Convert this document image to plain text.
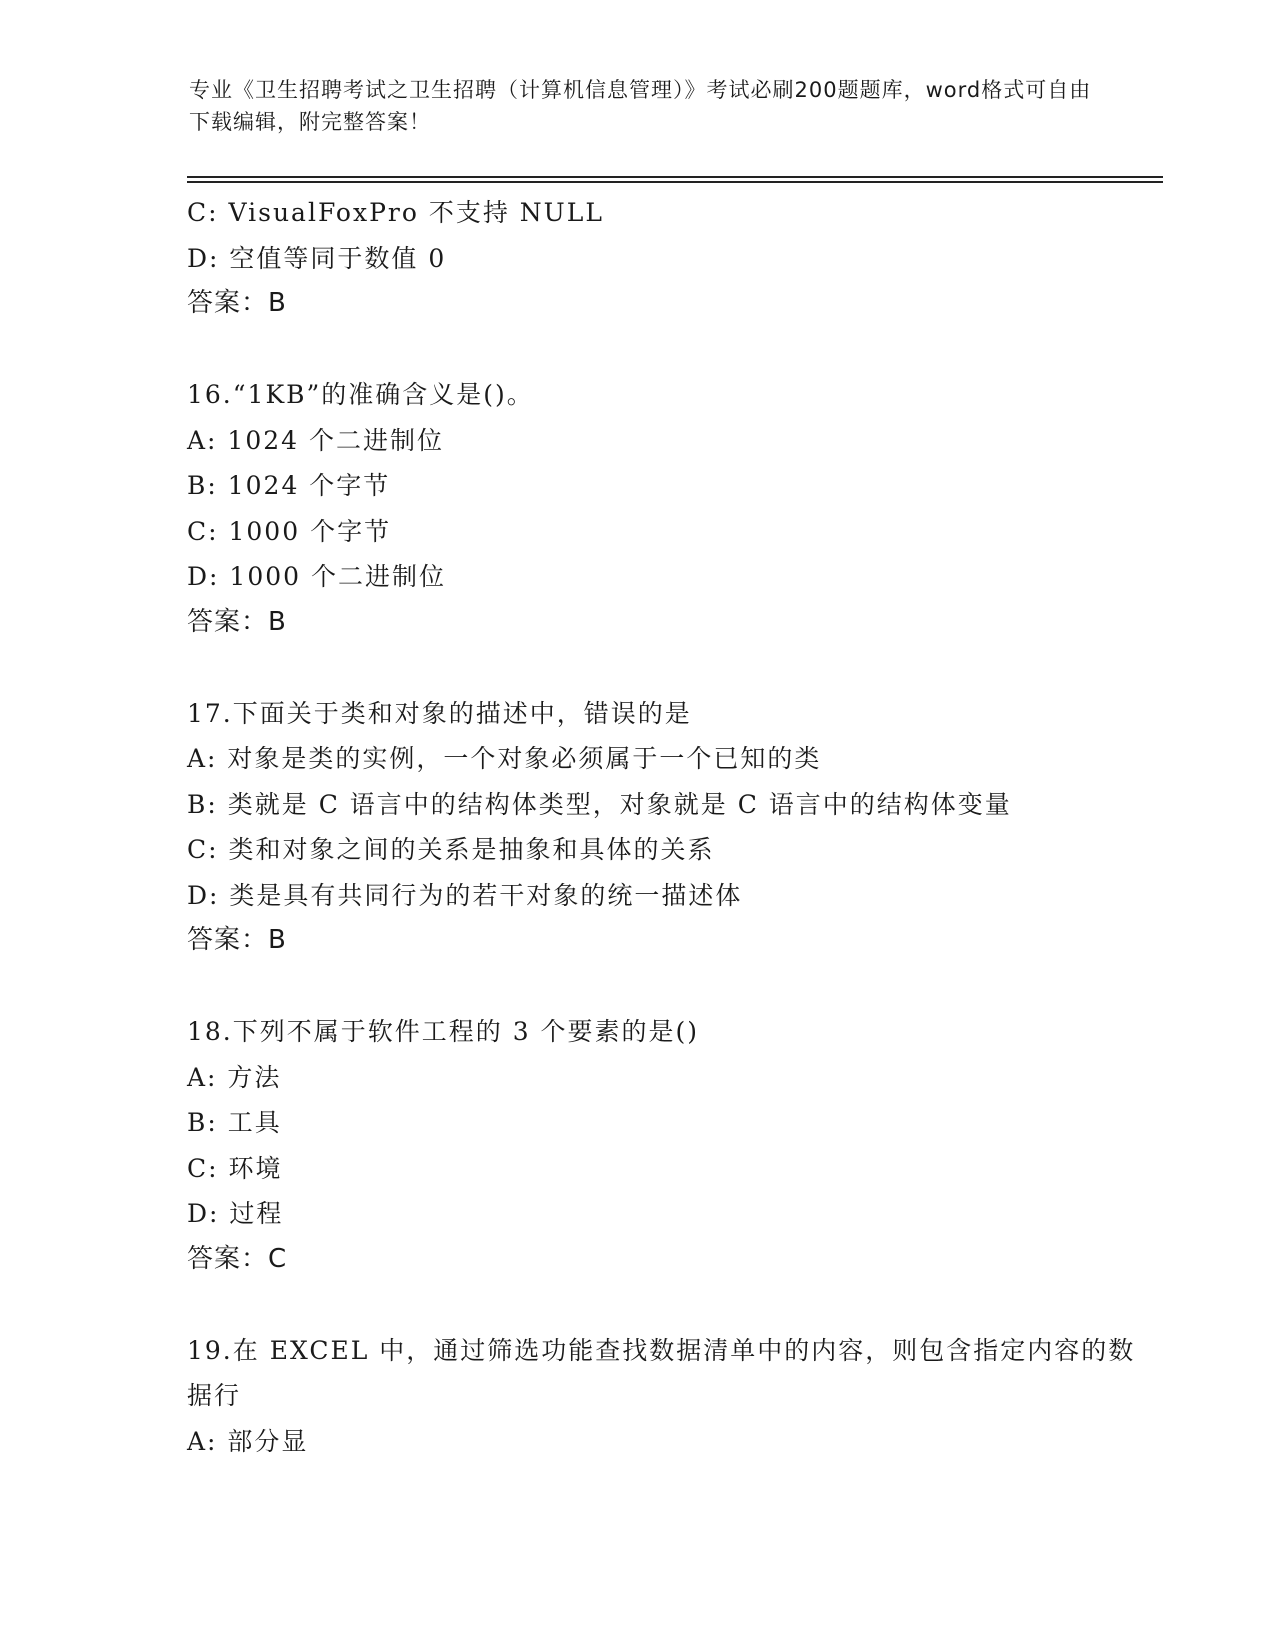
专业《卫生招聘考试之卫生招聘（计算机信息管理）》考试必刷200题题库，word格式可自由下载编辑，附完整答案！
C: VisualFoxPro 不支持 NULL
D: 空值等同于数值 0
答案：B
16.“1KB”的准确含义是()。
A: 1024 个二进制位
B: 1024 个字节
C: 1000 个字节
D: 1000 个二进制位
答案：B
17.下面关于类和对象的描述中，错误的是
A: 对象是类的实例，一个对象必须属于一个已知的类
B: 类就是 C 语言中的结构体类型，对象就是 C 语言中的结构体变量
C: 类和对象之间的关系是抽象和具体的关系
D: 类是具有共同行为的若干对象的统一描述体
答案：B
18.下列不属于软件工程的 3 个要素的是()
A: 方法
B: 工具
C: 环境
D: 过程
答案：C
19.在 EXCEL 中，通过筛选功能查找数据清单中的内容，则包含指定内容的数据行
A: 部分显
